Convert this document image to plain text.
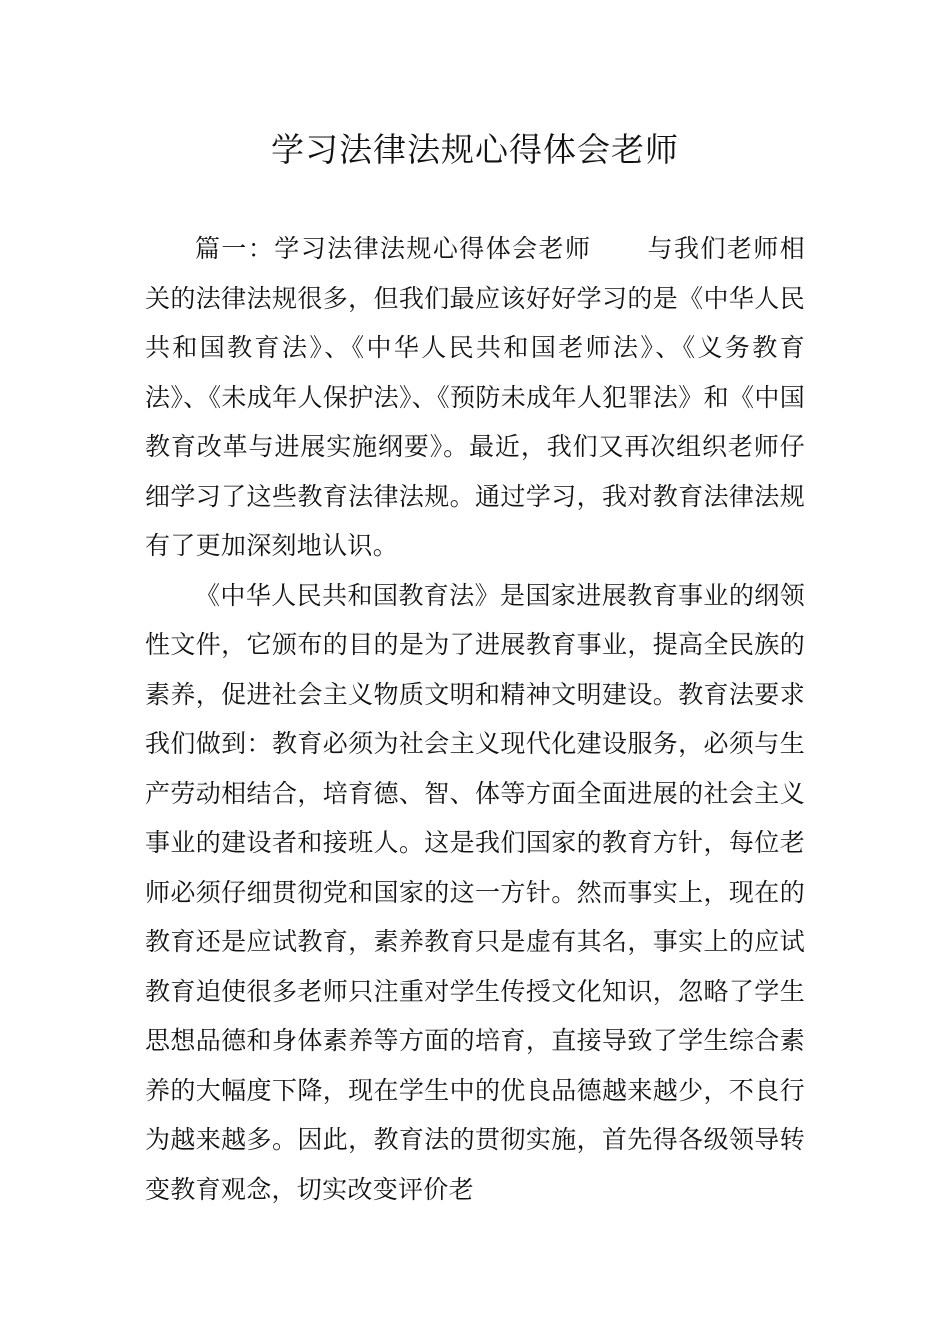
学习法律法规心得体会老师

篇一：学习法律法规心得体会老师 与我们老师相关的法律法规很多，但我们最应该好好学习的是《中华人民共和国教育法》、《中华人民共和国老师法》、《义务教育法》、《未成年人保护法》、《预防未成年人犯罪法》和《中国教育改革与进展实施纲要》。最近，我们又再次组织老师仔细学习了这些教育法律法规。通过学习，我对教育法律法规有了更加深刻地认识。

《中华人民共和国教育法》是国家进展教育事业的纲领性文件，它颁布的目的是为了进展教育事业，提高全民族的素养，促进社会主义物质文明和精神文明建设。教育法要求我们做到：教育必须为社会主义现代化建设服务，必须与生产劳动相结合，培育德、智、体等方面全面进展的社会主义事业的建设者和接班人。这是我们国家的教育方针，每位老师必须仔细贯彻党和国家的这一方针。然而事实上，现在的教育还是应试教育，素养教育只是虚有其名，事实上的应试教育迫使很多老师只注重对学生传授文化知识，忽略了学生思想品德和身体素养等方面的培育，直接导致了学生综合素养的大幅度下降，现在学生中的优良品德越来越少，不良行为越来越多。因此，教育法的贯彻实施，首先得各级领导转变教育观念，切实改变评价老
